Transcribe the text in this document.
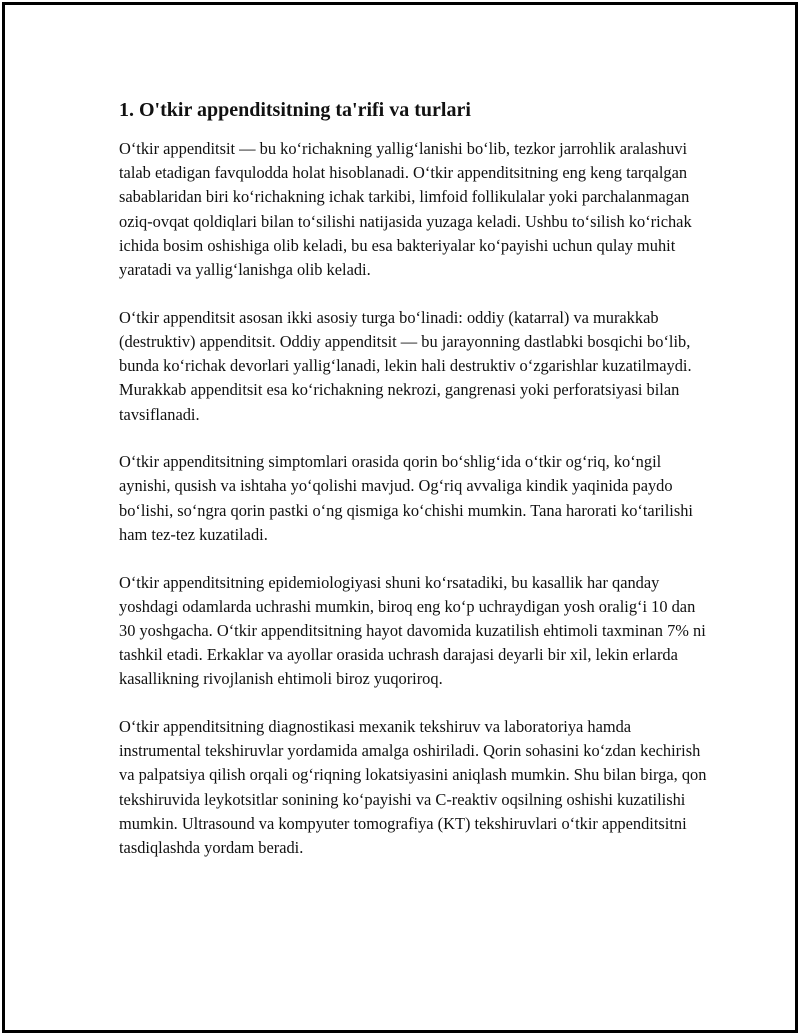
1. O'tkir appenditsitning ta'rifi va turlari

O‘tkir appenditsit — bu ko‘richakning yallig‘lanishi bo‘lib, tezkor jarrohlik aralashuvi talab etadigan favqulodda holat hisoblanadi. O‘tkir appenditsitning eng keng tarqalgan sabablaridan biri ko‘richakning ichak tarkibi, limfoid follikulalar yoki parchalanmagan oziq-ovqat qoldiqlari bilan to‘silishi natijasida yuzaga keladi. Ushbu to‘silish ko‘richak ichida bosim oshishiga olib keladi, bu esa bakteriyalar ko‘payishi uchun qulay muhit yaratadi va yallig‘lanishga olib keladi.

O‘tkir appenditsit asosan ikki asosiy turga bo‘linadi: oddiy (katarral) va murakkab (destruktiv) appenditsit. Oddiy appenditsit — bu jarayonning dastlabki bosqichi bo‘lib, bunda ko‘richak devorlari yallig‘lanadi, lekin hali destruktiv o‘zgarishlar kuzatilmaydi. Murakkab appenditsit esa ko‘richakning nekrozi, gangrenasi yoki perforatsiyasi bilan tavsiflanadi.

O‘tkir appenditsitning simptomlari orasida qorin bo‘shlig‘ida o‘tkir og‘riq, ko‘ngil aynishi, qusish va ishtaha yo‘qolishi mavjud. Og‘riq avvaliga kindik yaqinida paydo bo‘lishi, so‘ngra qorin pastki o‘ng qismiga ko‘chishi mumkin. Tana harorati ko‘tarilishi ham tez-tez kuzatiladi.

O‘tkir appenditsitning epidemiologiyasi shuni ko‘rsatadiki, bu kasallik har qanday yoshdagi odamlarda uchrashi mumkin, biroq eng ko‘p uchraydigan yosh oralig‘i 10 dan 30 yoshgacha. O‘tkir appenditsitning hayot davomida kuzatilish ehtimoli taxminan 7% ni tashkil etadi. Erkaklar va ayollar orasida uchrash darajasi deyarli bir xil, lekin erlarda kasallikning rivojlanish ehtimoli biroz yuqoriroq.

O‘tkir appenditsitning diagnostikasi mexanik tekshiruv va laboratoriya hamda instrumental tekshiruvlar yordamida amalga oshiriladi. Qorin sohasini ko‘zdan kechirish va palpatsiya qilish orqali og‘riqning lokatsiyasini aniqlash mumkin. Shu bilan birga, qon tekshiruvida leykotsitlar sonining ko‘payishi va C-reaktiv oqsilning oshishi kuzatilishi mumkin. Ultrasound va kompyuter tomografiya (KT) tekshiruvlari o‘tkir appenditsitni tasdiqlashda yordam beradi.
